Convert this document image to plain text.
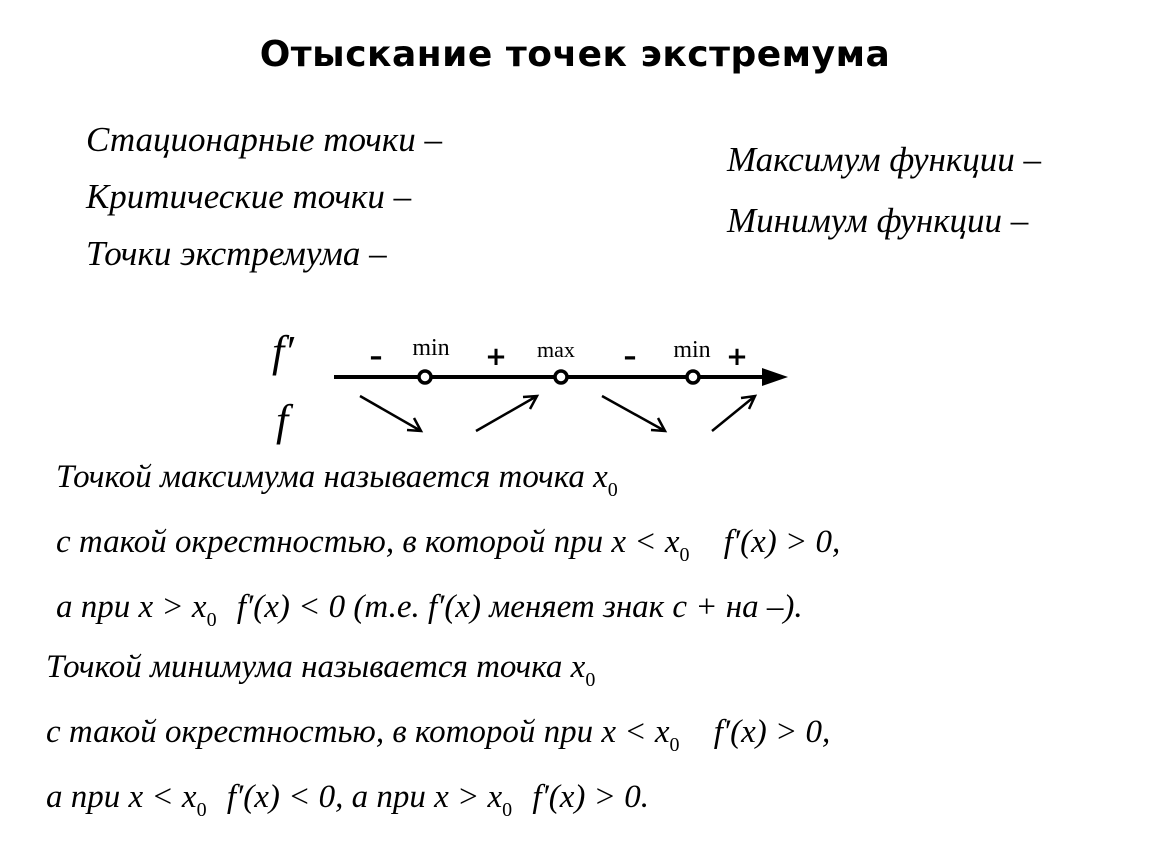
Отыскание точек экстремума
Стационарные точки –
Критические точки –
Точки экстремума –
Максимум функции –
Минимум функции –
f′
f
–	+	–	+
min	max	min
Точкой максимума называется точка $x_0$
с такой окрестностью, в которой при $x < x_0$ f′(x) > 0,
а при $x > x_0$ f′(x) < 0 (т.е. f′(x) меняет знак с + на –).
Точкой минимума называется точка $x_0$
с такой окрестностью, в которой при $x < x_0$ f′(x) > 0,
а при $x < x_0$ f′(x) < 0, а при $x > x_0$ f′(x) > 0.
